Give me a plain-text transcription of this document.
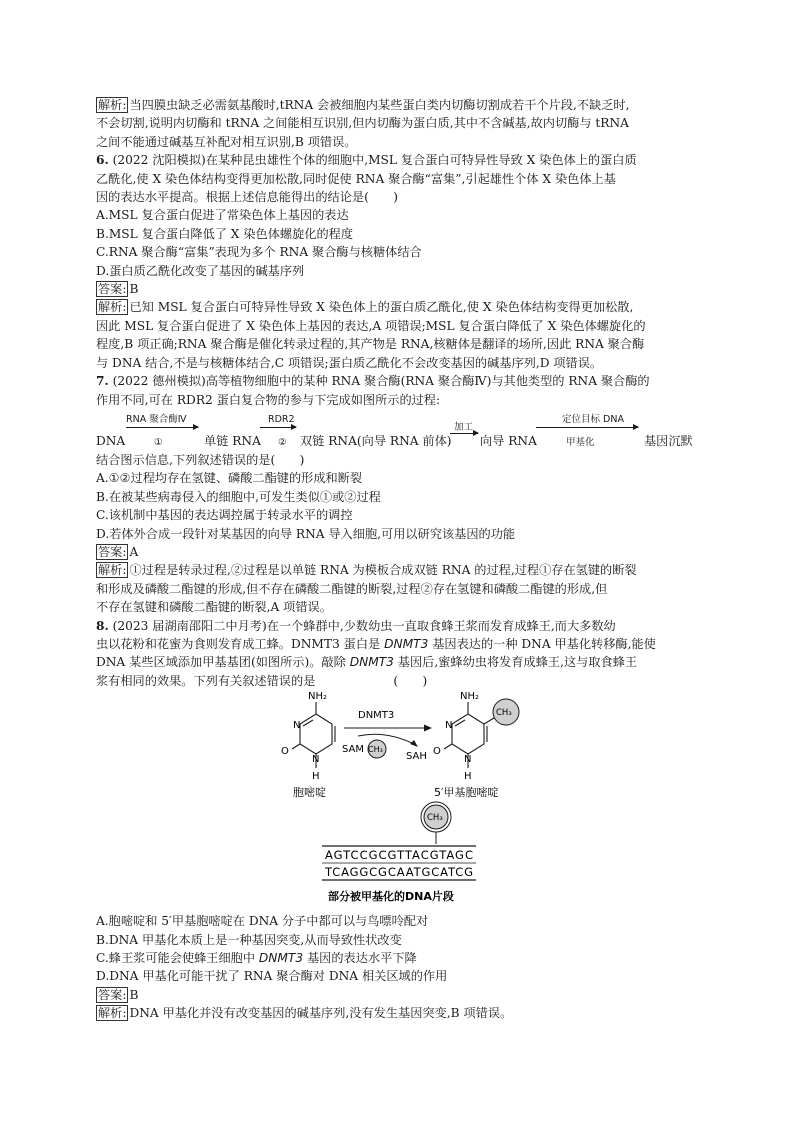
解析: 当四膜虫缺乏必需氨基酸时,tRNA 会被细胞内某些蛋白类内切酶切割成若干个片段,不缺乏时,
不会切割,说明内切酶和 tRNA 之间能相互识别,但内切酶为蛋白质,其中不含碱基,故内切酶与 tRNA
之间不能通过碱基互补配对相互识别,B 项错误。
6. (2022 沈阳模拟)在某种昆虫雄性个体的细胞中,MSL 复合蛋白可特异性导致 X 染色体上的蛋白质
乙酰化,使 X 染色体结构变得更加松散,同时促使 RNA 聚合酶“富集”,引起雄性个体 X 染色体上基
因的表达水平提高。根据上述信息能得出的结论是(　　)
A.MSL 复合蛋白促进了常染色体上基因的表达
B.MSL 复合蛋白降低了 X 染色体螺旋化的程度
C.RNA 聚合酶“富集”表现为多个 RNA 聚合酶与核糖体结合
D.蛋白质乙酰化改变了基因的碱基序列
答案: B
解析: 已知 MSL 复合蛋白可特异性导致 X 染色体上的蛋白质乙酰化,使 X 染色体结构变得更加松散,
因此 MSL 复合蛋白促进了 X 染色体上基因的表达,A 项错误;MSL 复合蛋白降低了 X 染色体螺旋化的
程度,B 项正确;RNA 聚合酶是催化转录过程的,其产物是 RNA,核糖体是翻译的场所,因此 RNA 聚合酶
与 DNA 结合,不是与核糖体结合,C 项错误;蛋白质乙酰化不会改变基因的碱基序列,D 项错误。
7. (2022 德州模拟)高等植物细胞中的某种 RNA 聚合酶(RNA 聚合酶Ⅳ)与其他类型的 RNA 聚合酶的
作用不同,可在 RDR2 蛋白复合物的参与下完成如图所示的过程:
DNA
RNA 聚合酶Ⅳ
①	单链 RNA
RDR2
② 双链 RNA(向导 RNA 前体)
加工
向导 RNA
定位目标 DNA
甲基化	基因沉默
结合图示信息,下列叙述错误的是(　　)
A.①②过程均存在氢键、磷酸二酯键的形成和断裂
B.在被某些病毒侵入的细胞中,可发生类似①或②过程
C.该机制中基因的表达调控属于转录水平的调控
D.若体外合成一段针对某基因的向导 RNA 导入细胞,可用以研究该基因的功能
答案: A
解析: ①过程是转录过程,②过程是以单链 RNA 为模板合成双链 RNA 的过程,过程①存在氢键的断裂
和形成及磷酸二酯键的形成,但不存在磷酸二酯键的断裂,过程②存在氢键和磷酸二酯键的形成,但
不存在氢键和磷酸二酯键的断裂,A 项错误。
8. (2023 届湖南邵阳二中月考)在一个蜂群中,少数幼虫一直取食蜂王浆而发育成蜂王,而大多数幼
虫以花粉和花蜜为食则发育成工蜂。DNMT3 蛋白是 DNMT3 基因表达的一种 DNA 甲基化转移酶,能使
DNA 某些区域添加甲基基团(如图所示)。敲除 DNMT3 基因后,蜜蜂幼虫将发育成蜂王,这与取食蜂王
浆有相同的效果。下列有关叙述错误的是	(　　)
NH₂
N
O
N
H
胞嘧啶
DNMT3
SAM CH₃
SAH
NH₂
N
O
N
H
CH₃
5′甲基胞嘧啶
CH₃
AGTCCGCGTTACGTAGC
TCAGGCGCAATGCATCG
部分被甲基化的DNA片段
A.胞嘧啶和 5′甲基胞嘧啶在 DNA 分子中都可以与鸟嘌呤配对
B.DNA 甲基化本质上是一种基因突变,从而导致性状改变
C.蜂王浆可能会使蜂王细胞中 DNMT3 基因的表达水平下降
D.DNA 甲基化可能干扰了 RNA 聚合酶对 DNA 相关区域的作用
答案: B
解析: DNA 甲基化并没有改变基因的碱基序列,没有发生基因突变,B 项错误。
